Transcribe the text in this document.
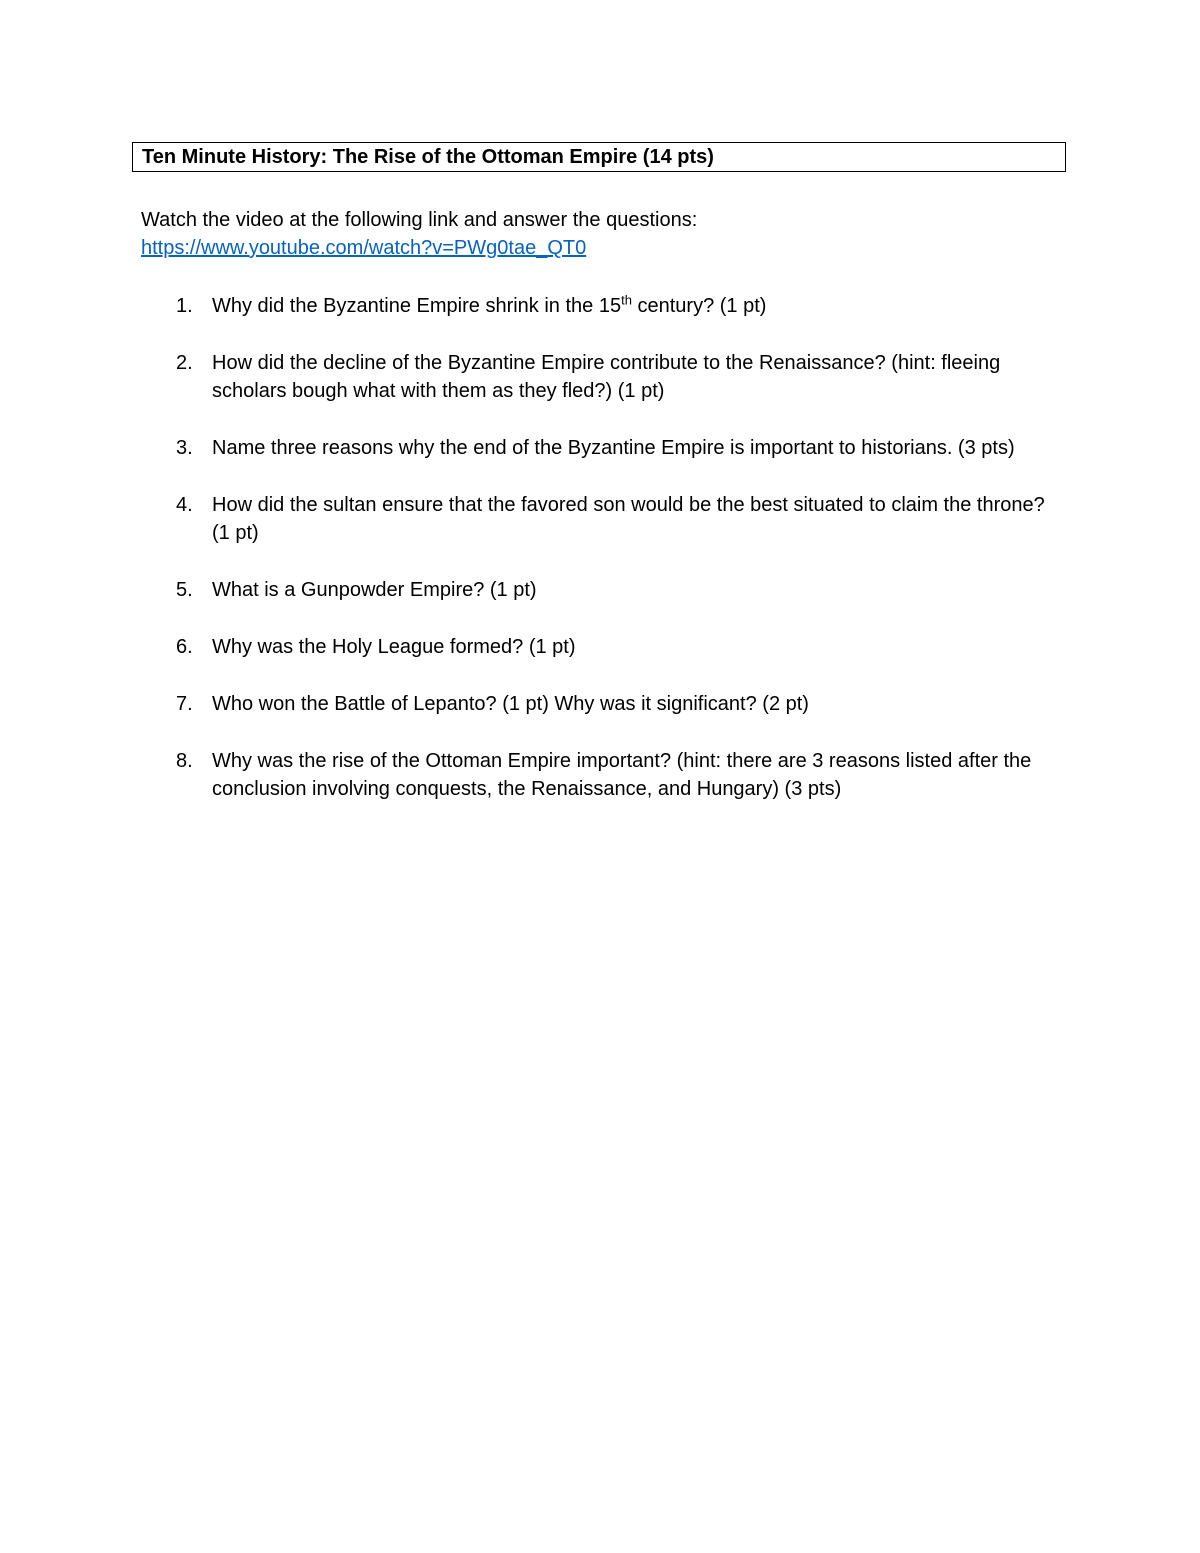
Ten Minute History: The Rise of the Ottoman Empire (14 pts)
Watch the video at the following link and answer the questions:
https://www.youtube.com/watch?v=PWg0tae_QT0
1. Why did the Byzantine Empire shrink in the 15th century? (1 pt)
2. How did the decline of the Byzantine Empire contribute to the Renaissance? (hint: fleeing scholars bough what with them as they fled?) (1 pt)
3. Name three reasons why the end of the Byzantine Empire is important to historians. (3 pts)
4. How did the sultan ensure that the favored son would be the best situated to claim the throne? (1 pt)
5. What is a Gunpowder Empire? (1 pt)
6. Why was the Holy League formed? (1 pt)
7. Who won the Battle of Lepanto? (1 pt) Why was it significant? (2 pt)
8. Why was the rise of the Ottoman Empire important? (hint: there are 3 reasons listed after the conclusion involving conquests, the Renaissance, and Hungary) (3 pts)
